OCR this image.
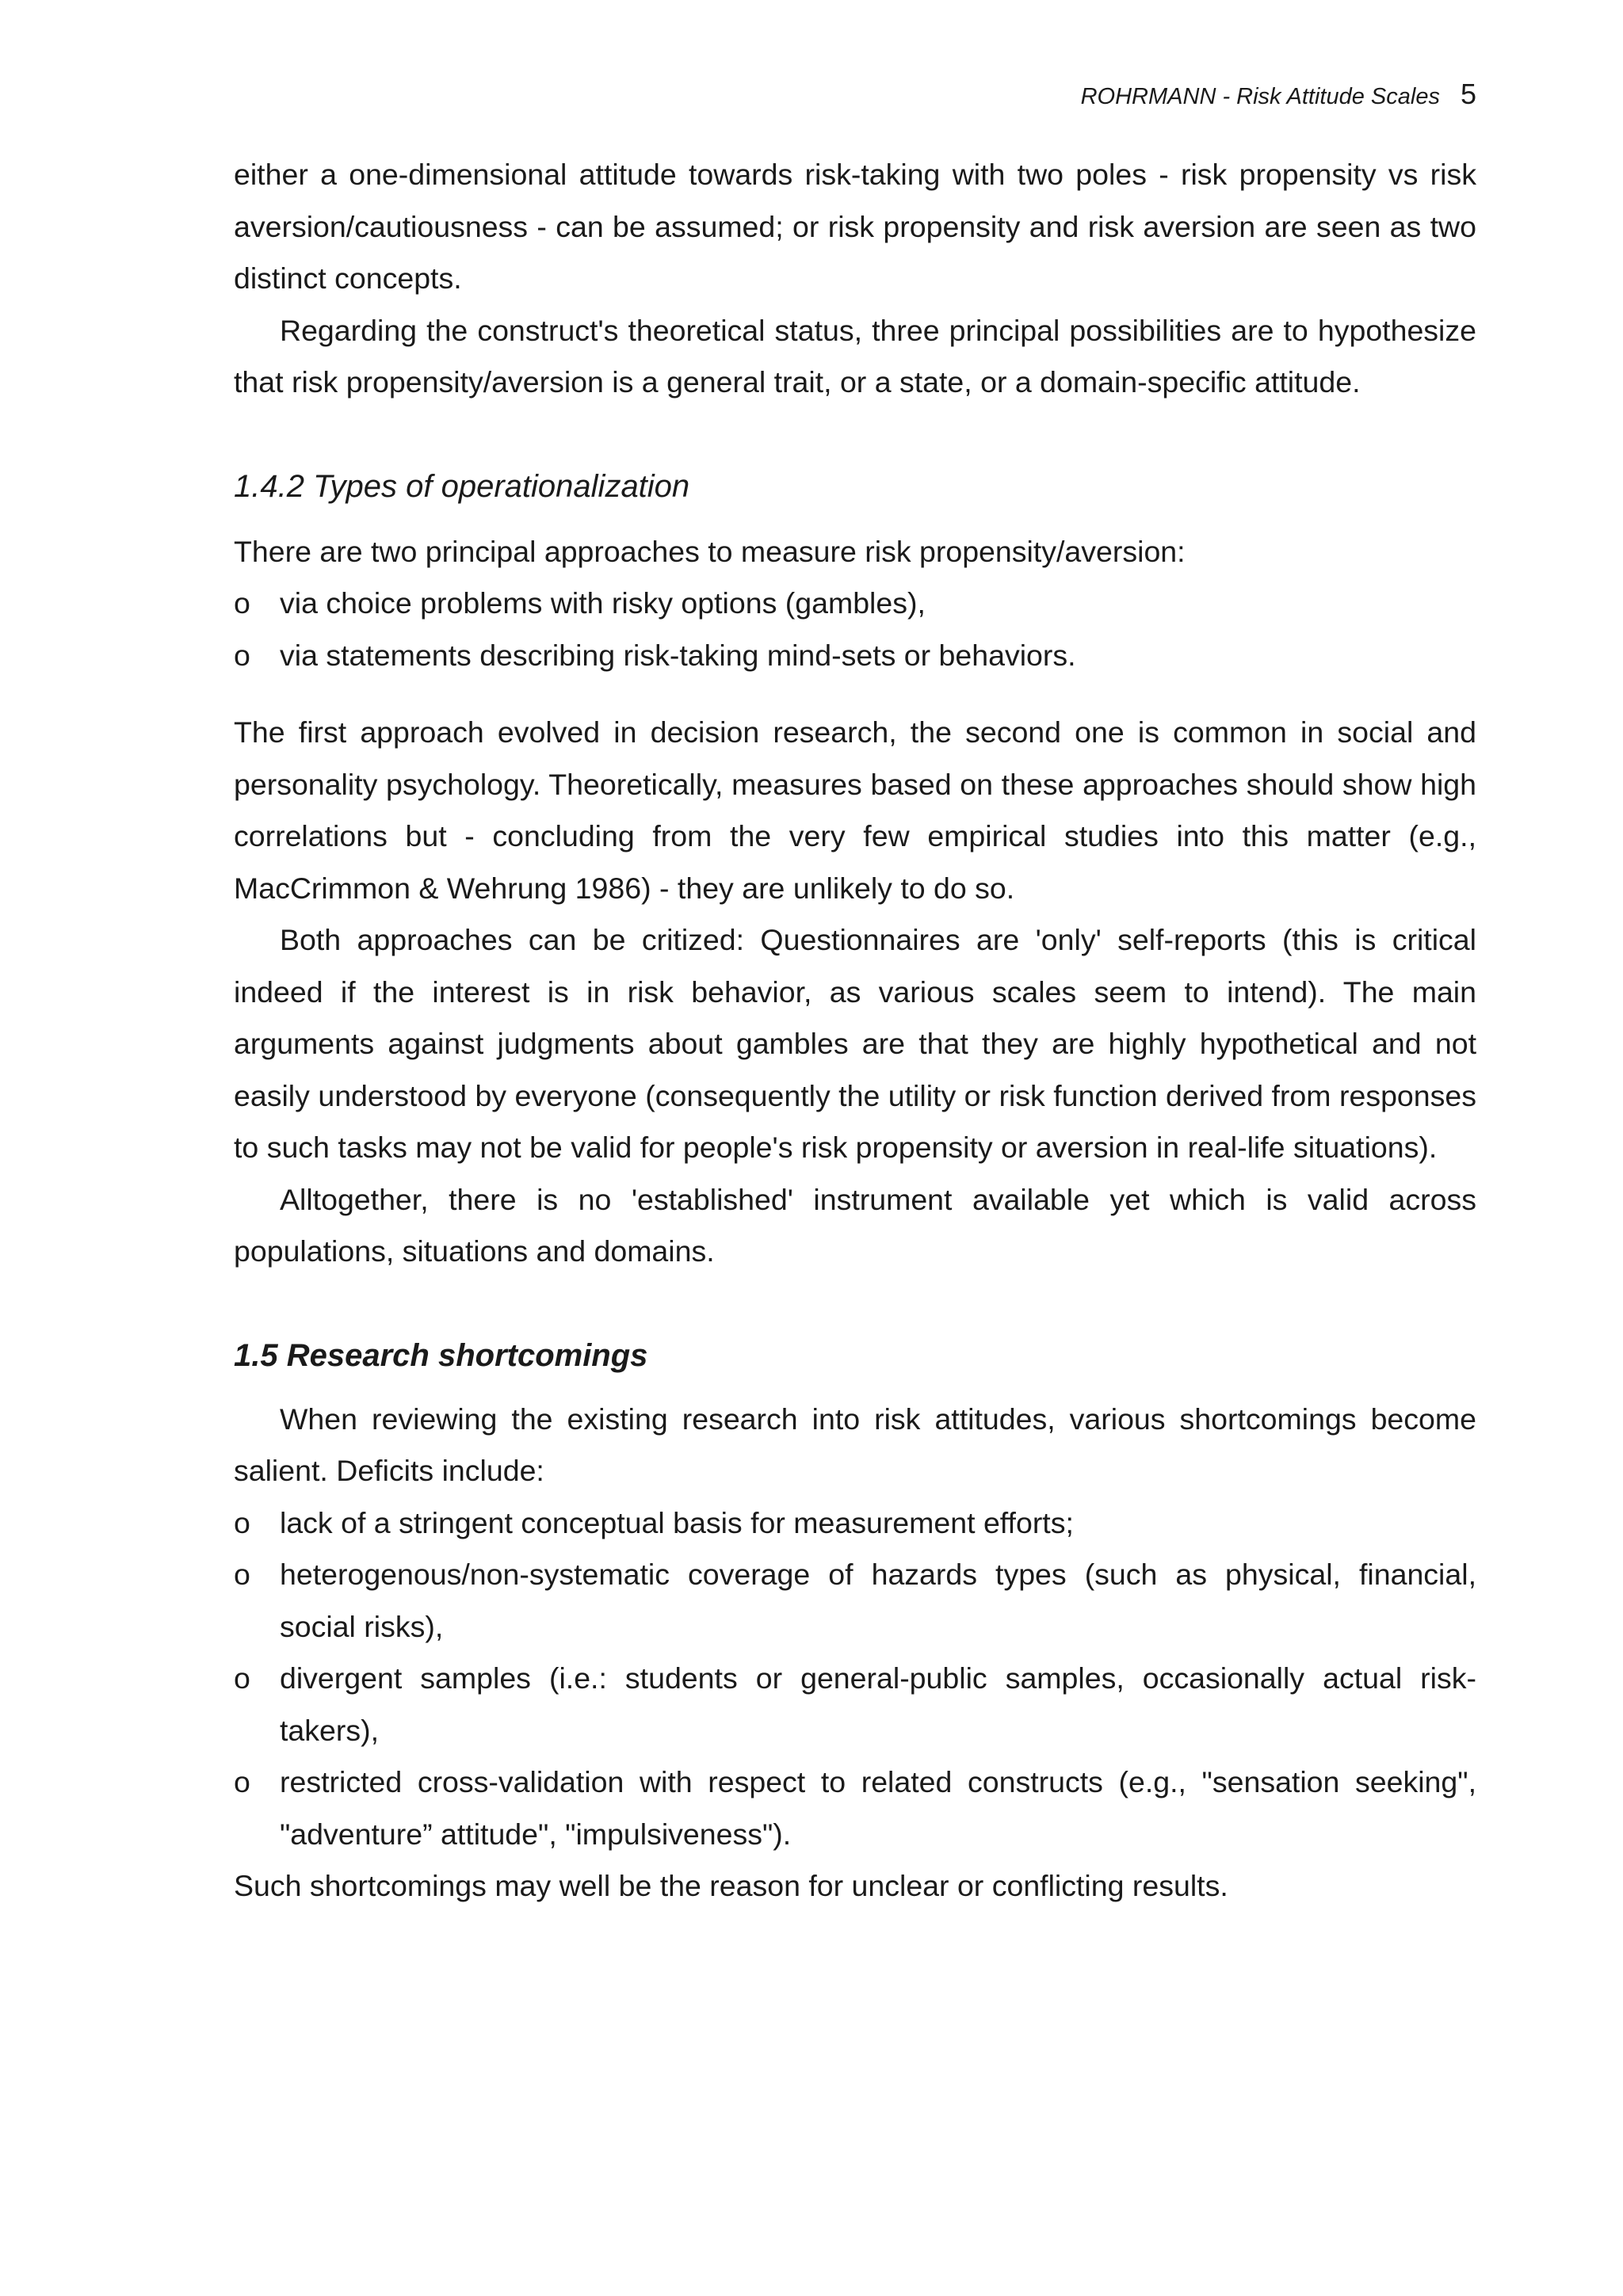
ROHRMANN - Risk Attitude Scales 5

either a one-dimensional attitude towards risk-taking with two poles - risk propensity vs risk aversion/cautiousness - can be assumed; or risk propensity and risk aversion are seen as two distinct concepts.

Regarding the construct's theoretical status, three principal possibilities are to hypothesize that risk propensity/aversion is a general trait, or a state, or a domain-specific attitude.

1.4.2 Types of operationalization

There are two principal approaches to measure risk propensity/aversion:

o via choice problems with risky options (gambles),
o via statements describing risk-taking mind-sets or behaviors.

The first approach evolved in decision research, the second one is common in social and personality psychology. Theoretically, measures based on these approaches should show high correlations but - concluding from the very few empirical studies into this matter (e.g., MacCrimmon & Wehrung 1986) - they are unlikely to do so.

Both approaches can be critized: Questionnaires are 'only' self-reports (this is critical indeed if the interest is in risk behavior, as various scales seem to intend). The main arguments against judgments about gambles are that they are highly hypothetical and not easily understood by everyone (consequently the utility or risk function derived from responses to such tasks may not be valid for people's risk propensity or aversion in real-life situations).

Alltogether, there is no 'established' instrument available yet which is valid across populations, situations and domains.

1.5 Research shortcomings

When reviewing the existing research into risk attitudes, various shortcomings become salient. Deficits include:

o lack of a stringent conceptual basis for measurement efforts;
o heterogenous/non-systematic coverage of hazards types (such as physical, financial, social risks),
o divergent samples (i.e.: students or general-public samples, occasionally actual risk-takers),
o restricted cross-validation with respect to related constructs (e.g., "sensation seeking", "adventure” attitude", "impulsiveness").

Such shortcomings may well be the reason for unclear or conflicting results.
